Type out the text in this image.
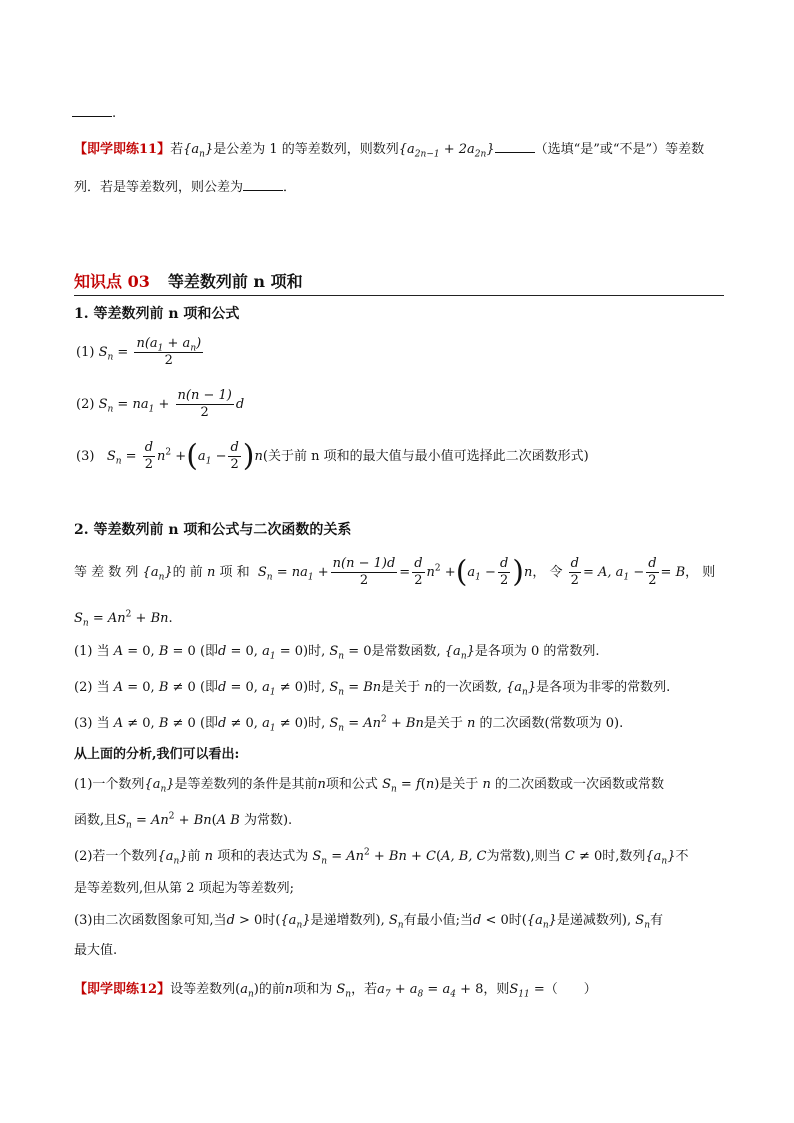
.
【即学即练11】若$\{a_n\}$是公差为 1 的等差数列，则数列$\{a_{2n-1} + 2a_{2n}\}$	（选填“是”或“不是”）等差数
列．若是等差数列，则公差为	．
知识点 03 等差数列前 n 项和
1. 等差数列前 n 项和公式
(1) $S_n = \frac{n(a_1 + a_n)}{2}$
(2) $S_n = na_1 + \frac{n(n - 1)}{2}$ d
(3) $S_n = \frac{d}{2} n^2 +(a_1 - \frac{d}{2} )n$(关于前 n 项和的最大值与最小值可选择此二次函数形式)
2. 等差数列前 n 项和公式与二次函数的关系
等 差 数 列 $\{a_n\}$的 前 n 项 和 $S_n = na_1 + \frac{n(n - 1)d}{2} = \frac{d}{2} n^2 +(a_1 - \frac{d}{2} )n$， 令 $\frac{d}{2} = A$, $a_1 - \frac{d}{2} = B$， 则
$S_n = An^2 + Bn$.
(1) 当 A = 0, B = 0 (即d = 0, $a_1 = 0$)时, $S_n = 0$是常数函数, $\{a_n\}$是各项为 0 的常数列.
(2) 当 A = 0, B ≠ 0 (即d = 0, $a_1 \ne 0$)时, $S_n = Bn$是关于 n的一次函数, $\{a_n\}$是各项为非零的常数列.
(3) 当 A ≠ 0, B ≠ 0 (即d ≠ 0, $a_1 \ne 0$)时, $S_n = An^2 + Bn$是关于 n 的二次函数(常数项为 0).
从上面的分析,我们可以看出:
(1)一个数列$\{a_n\}$是等差数列的条件是其前n项和公式 $S_n = f(n)$是关于 n 的二次函数或一次函数或常数
函数,且$S_n = An^2 + Bn(A$ B 为常数).
(2)若一个数列$\{a_n\}$前 n 项和的表达式为 $S_n = An^2 + Bn + C(A$, B, C为常数),则当 C ≠ 0时,数列$\{a_n\}$不
是等差数列,但从第 2 项起为等差数列;
(3)由二次函数图象可知,当d > 0时($\{a_n\}$是递增数列), $S_n$有最小值;当d < 0时($\{a_n\}$是递减数列), $S_n$有
最大值.
【即学即练12】设等差数列$(a_n)$的前n项和为 $S_n$，若$a_7 + a_8 = a_4 + 8$，则$S_{11}$ =（　　）
